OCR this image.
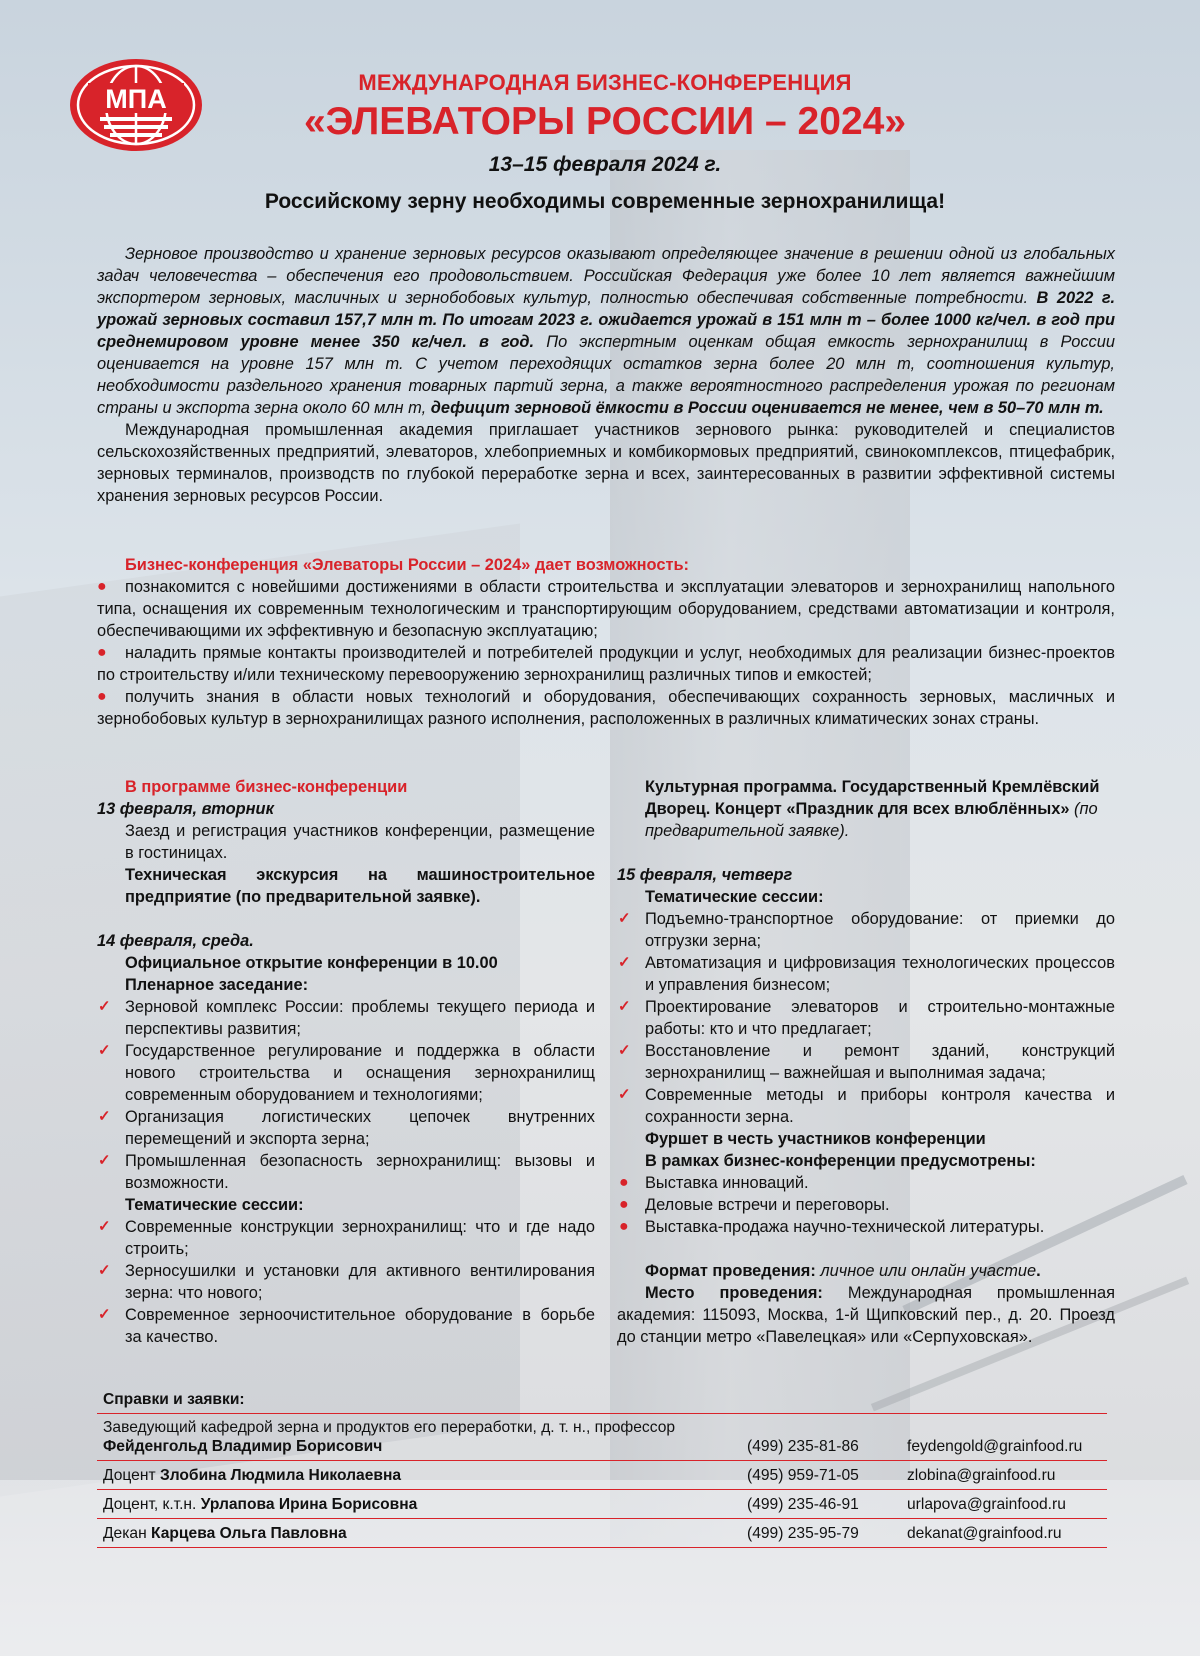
МПА
МЕЖДУНАРОДНАЯ БИЗНЕС-КОНФЕРЕНЦИЯ
«ЭЛЕВАТОРЫ РОССИИ – 2024»
13–15 февраля 2024 г.
Российскому зерну необходимы современные зернохранилища!

Зерновое производство и хранение зерновых ресурсов оказывают определяющее значение в решении одной из глобальных задач человечества – обеспечения его продовольствием. Российская Федерация уже более 10 лет является важнейшим экспортером зерновых, масличных и зернобобовых культур, полностью обеспечивая собственные потребности. В 2022 г. урожай зерновых составил 157,7 млн т. По итогам 2023 г. ожидается урожай в 151 млн т – более 1000 кг/чел. в год при среднемировом уровне менее 350 кг/чел. в год. По экспертным оценкам общая емкость зернохранилищ в России оценивается на уровне 157 млн т. С учетом переходящих остатков зерна более 20 млн т, соотношения культур, необходимости раздельного хранения товарных партий зерна, а также вероятностного распределения урожая по регионам страны и экспорта зерна около 60 млн т, дефицит зерновой ёмкости в России оценивается не менее, чем в 50–70 млн т.

Международная промышленная академия приглашает участников зернового рынка: руководителей и специалистов сельскохозяйственных предприятий, элеваторов, хлебоприемных и комбикормовых предприятий, свинокомплексов, птицефабрик, зерновых терминалов, производств по глубокой переработке зерна и всех, заинтересованных в развитии эффективной системы хранения зерновых ресурсов России.

Бизнес-конференция «Элеваторы России – 2024» дает возможность:

● познакомится с новейшими достижениями в области строительства и эксплуатации элеваторов и зернохранилищ напольного типа, оснащения их современным технологическим и транспортирующим оборудованием, средствами автоматизации и контроля, обеспечивающими их эффективную и безопасную эксплуатацию;
● наладить прямые контакты производителей и потребителей продукции и услуг, необходимых для реализации бизнес-проектов по строительству и/или техническому перевооружению зернохранилищ различных типов и емкостей;
● получить знания в области новых технологий и оборудования, обеспечивающих сохранность зерновых, масличных и зернобобовых культур в зернохранилищах разного исполнения, расположенных в различных климатических зонах страны.

В программе бизнес-конференции

13 февраля, вторник

Заезд и регистрация участников конференции, размещение в гостиницах.

Техническая экскурсия на машиностроительное предприятие (по предварительной заявке).

14 февраля, среда.

Официальное открытие конференции в 10.00

Пленарное заседание:

✓ Зерновой комплекс России: проблемы текущего периода и перспективы развития;
✓ Государственное регулирование и поддержка в области нового строительства и оснащения зернохранилищ современным оборудованием и технологиями;
✓ Организация логистических цепочек внутренних перемещений и экспорта зерна;
✓ Промышленная безопасность зернохранилищ: вызовы и возможности.

Тематические сессии:

✓ Современные конструкции зернохранилищ: что и где надо строить;
✓ Зерносушилки и установки для активного вентилирования зерна: что нового;
✓ Современное зерноочистительное оборудование в борьбе за качество.

Культурная программа. Государственный Кремлёвский Дворец. Концерт «Праздник для всех влюблённых» (по предварительной заявке).

15 февраля, четверг

Тематические сессии:

✓ Подъемно-транспортное оборудование: от приемки до отгрузки зерна;
✓ Автоматизация и цифровизация технологических процессов и управления бизнесом;
✓ Проектирование элеваторов и строительно-монтажные работы: кто и что предлагает;
✓ Восстановление и ремонт зданий, конструкций зернохранилищ – важнейшая и выполнимая задача;
✓ Современные методы и приборы контроля качества и сохранности зерна.

Фуршет в честь участников конференции

В рамках бизнес-конференции предусмотрены:

● Выставка инноваций.
● Деловые встречи и переговоры.
● Выставка-продажа научно-технической литературы.

Формат проведения: личное или онлайн участие.

Место проведения: Международная промышленная академия: 115093, Москва, 1-й Щипковский пер., д. 20. Проезд до станции метро «Павелецкая» или «Серпуховская».

Справки и заявки:

Заведующий кафедрой зерна и продуктов его переработки, д. т. н., профессор
Фейденгольд Владимир Борисович	(499) 235-81-86	feydengold@grainfood.ru
Доцент Злобина Людмила Николаевна	(495) 959-71-05	zlobina@grainfood.ru
Доцент, к.т.н. Урлапова Ирина Борисовна	(499) 235-46-91	urlapova@grainfood.ru
Декан Карцева Ольга Павловна	(499) 235-95-79	dekanat@grainfood.ru
